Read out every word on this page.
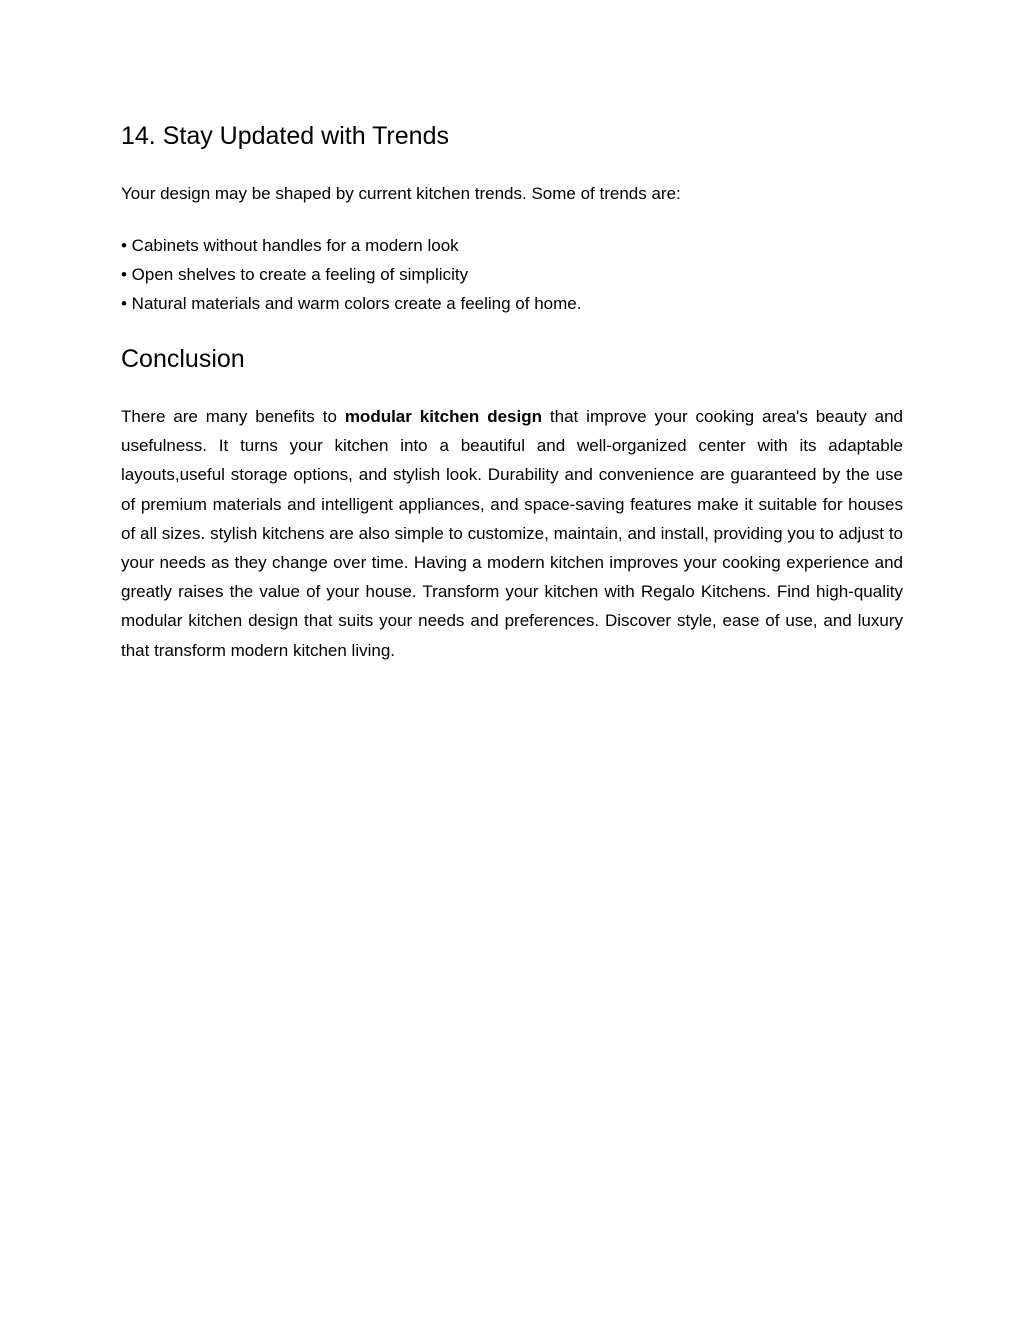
14. Stay Updated with Trends

Your design may be shaped by current kitchen trends. Some of trends are:

• Cabinets without handles for a modern look
• Open shelves to create a feeling of simplicity
• Natural materials and warm colors create a feeling of home.
Conclusion

There are many benefits to modular kitchen design that improve your cooking area's beauty and usefulness. It turns your kitchen into a beautiful and well-organized center with its adaptable layouts,useful storage options, and stylish look. Durability and convenience are guaranteed by the use of premium materials and intelligent appliances, and space-saving features make it suitable for houses of all sizes. stylish kitchens are also simple to customize, maintain, and install, providing you to adjust to your needs as they change over time. Having a modern kitchen improves your cooking experience and greatly raises the value of your house. Transform your kitchen with Regalo Kitchens. Find high-quality modular kitchen design that suits your needs and preferences. Discover style, ease of use, and luxury that transform modern kitchen living.
